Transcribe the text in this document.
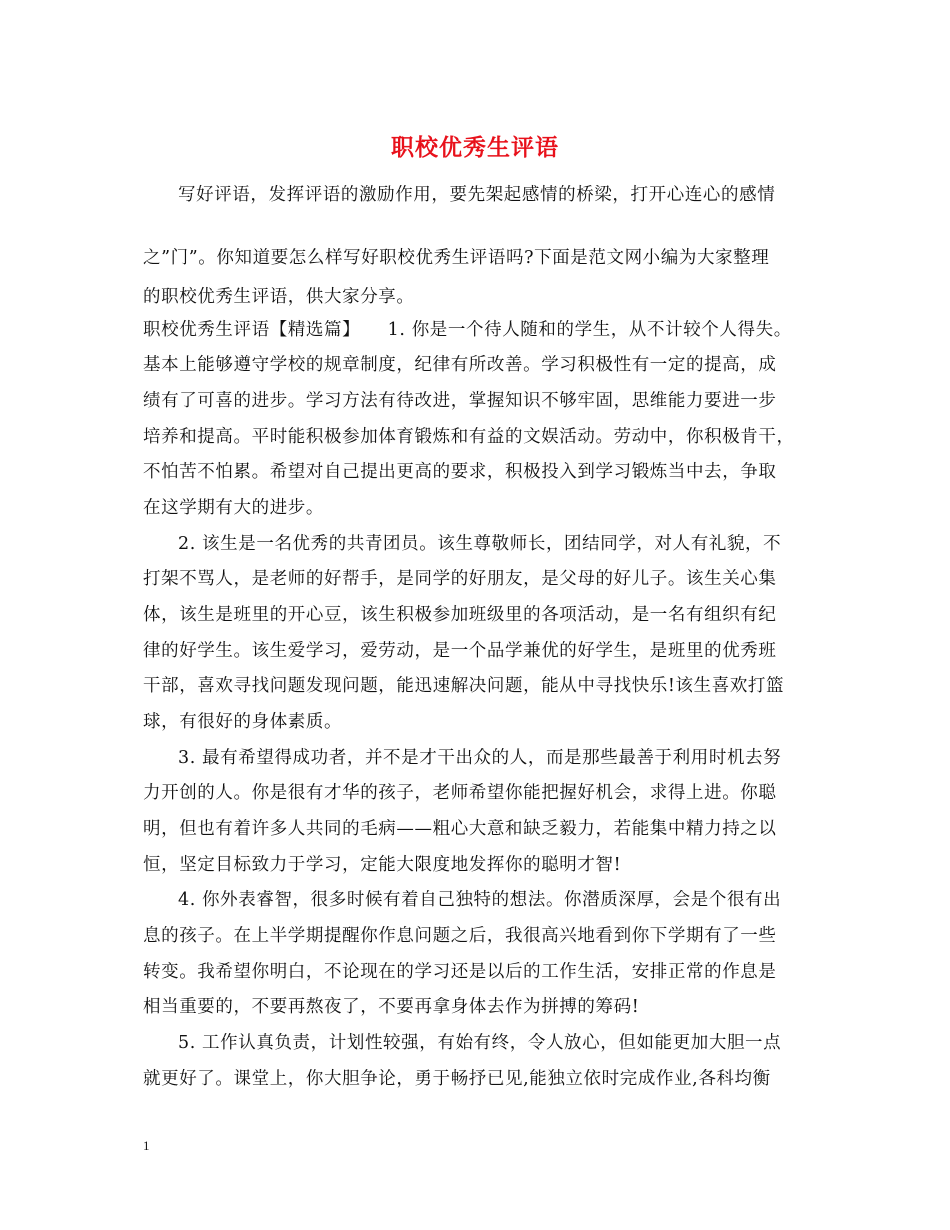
职校优秀生评语
写好评语，发挥评语的激励作用，要先架起感情的桥梁，打开心连心的感情
之”门”。你知道要怎么样写好职校优秀生评语吗?下面是范文网小编为大家整理
的职校优秀生评语，供大家分享。
职校优秀生评语【精选篇】　　1. 你是一个待人随和的学生，从不计较个人得失。
基本上能够遵守学校的规章制度，纪律有所改善。学习积极性有一定的提高，成
绩有了可喜的进步。学习方法有待改进，掌握知识不够牢固，思维能力要进一步
培养和提高。平时能积极参加体育锻炼和有益的文娱活动。劳动中，你积极肯干，
不怕苦不怕累。希望对自己提出更高的要求，积极投入到学习锻炼当中去，争取
在这学期有大的进步。
2. 该生是一名优秀的共青团员。该生尊敬师长，团结同学，对人有礼貌，不
打架不骂人，是老师的好帮手，是同学的好朋友，是父母的好儿子。该生关心集
体，该生是班里的开心豆，该生积极参加班级里的各项活动，是一名有组织有纪
律的好学生。该生爱学习，爱劳动，是一个品学兼优的好学生，是班里的优秀班
干部，喜欢寻找问题发现问题，能迅速解决问题，能从中寻找快乐!该生喜欢打篮
球，有很好的身体素质。
3. 最有希望得成功者，并不是才干出众的人，而是那些最善于利用时机去努
力开创的人。你是很有才华的孩子，老师希望你能把握好机会，求得上进。你聪
明，但也有着许多人共同的毛病——粗心大意和缺乏毅力，若能集中精力持之以
恒，坚定目标致力于学习，定能大限度地发挥你的聪明才智!
4. 你外表睿智，很多时候有着自己独特的想法。你潜质深厚，会是个很有出
息的孩子。在上半学期提醒你作息问题之后，我很高兴地看到你下学期有了一些
转变。我希望你明白，不论现在的学习还是以后的工作生活，安排正常的作息是
相当重要的，不要再熬夜了，不要再拿身体去作为拼搏的筹码!
5. 工作认真负责，计划性较强，有始有终，令人放心，但如能更加大胆一点
就更好了。课堂上，你大胆争论，勇于畅抒已见,能独立依时完成作业,各科均衡
1
